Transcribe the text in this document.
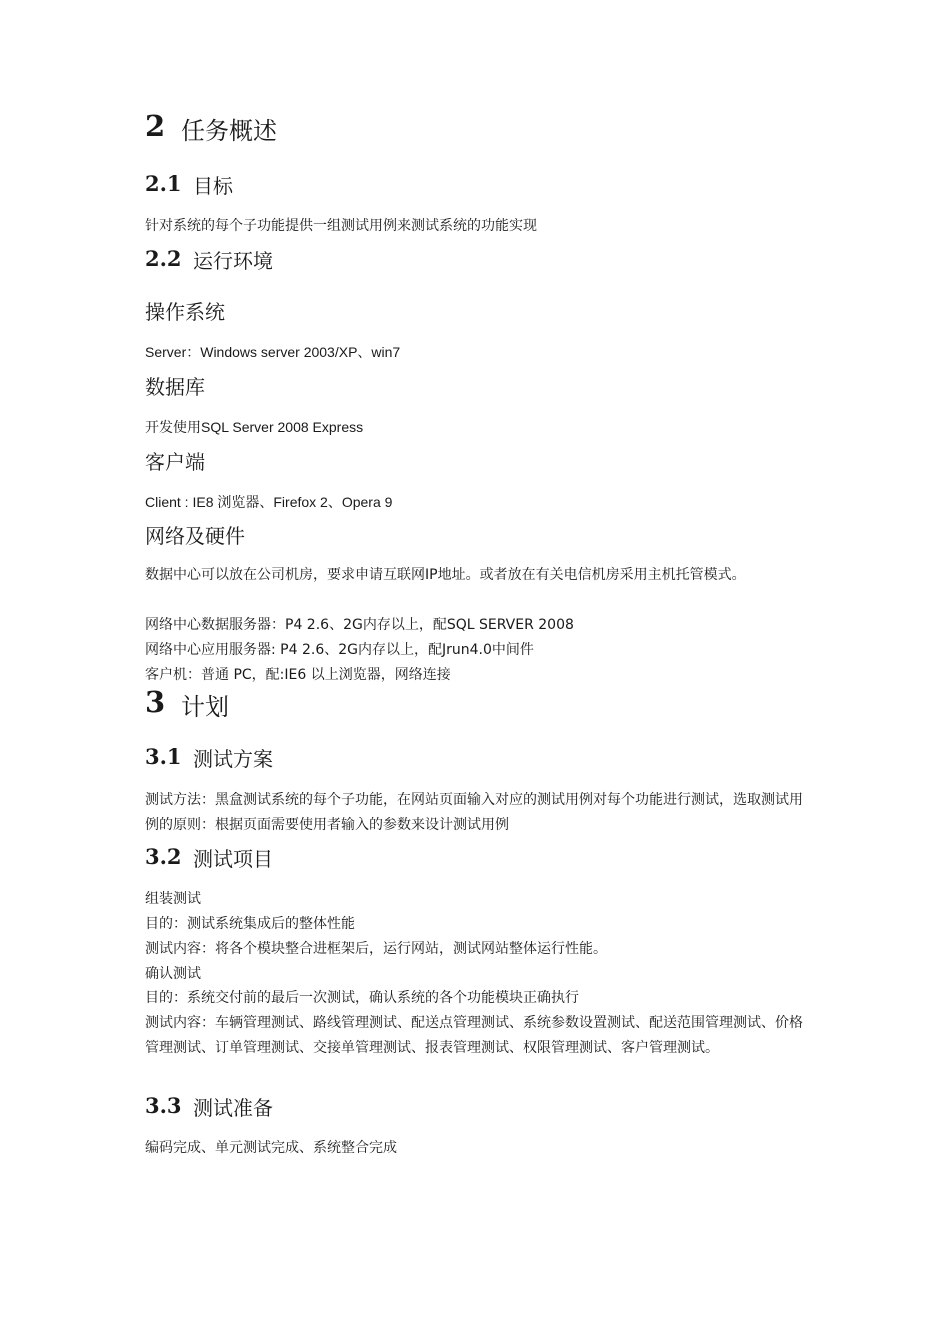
2 任务概述
2.1 目标
针对系统的每个子功能提供一组测试用例来测试系统的功能实现
2.2 运行环境
操作系统
Server：Windows server 2003/XP、win7
数据库
开发使用SQL Server 2008 Express
客户端
Client : IE8 浏览器、Firefox 2、Opera 9
网络及硬件
数据中心可以放在公司机房，要求申请互联网IP地址。或者放在有关电信机房采用主机托管模式。
网络中心数据服务器：P4 2.6、2G内存以上，配SQL SERVER 2008
网络中心应用服务器: P4 2.6、2G内存以上，配Jrun4.0中间件
客户机：普通 PC，配:IE6 以上浏览器，网络连接
3 计划
3.1 测试方案
测试方法：黑盒测试系统的每个子功能，在网站页面输入对应的测试用例对每个功能进行测试，选取测试用例的原则：根据页面需要使用者输入的参数来设计测试用例
3.2 测试项目
组装测试
目的：测试系统集成后的整体性能
测试内容：将各个模块整合进框架后，运行网站，测试网站整体运行性能。
确认测试
目的：系统交付前的最后一次测试，确认系统的各个功能模块正确执行
测试内容：车辆管理测试、路线管理测试、配送点管理测试、系统参数设置测试、配送范围管理测试、价格管理测试、订单管理测试、交接单管理测试、报表管理测试、权限管理测试、客户管理测试。
3.3 测试准备
编码完成、单元测试完成、系统整合完成
